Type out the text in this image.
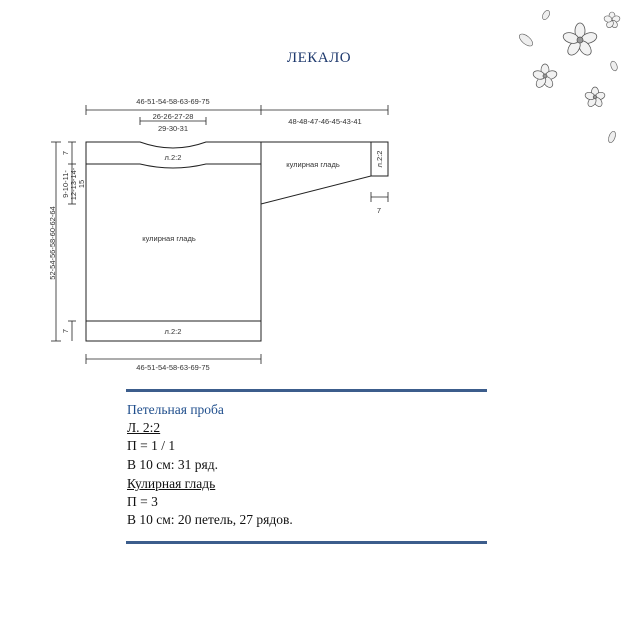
ЛЕКАЛО
46-51-54-58-63-69-75
26-26-27-28
29-30-31
48-48-47-46-45-43-41
52-54-56-58-60-62-64
7
9-10-11- 12-13-14- 15
7
л.2:2
кулирная гладь
л.2:2
кулирная гладь	л.2:2
7
46-51-54-58-63-69-75
Петельная проба
Л. 2:2
П = 1 / 1
В 10 см: 31 ряд.
Кулирная гладь
П = 3
В 10 см: 20 петель, 27 рядов.
